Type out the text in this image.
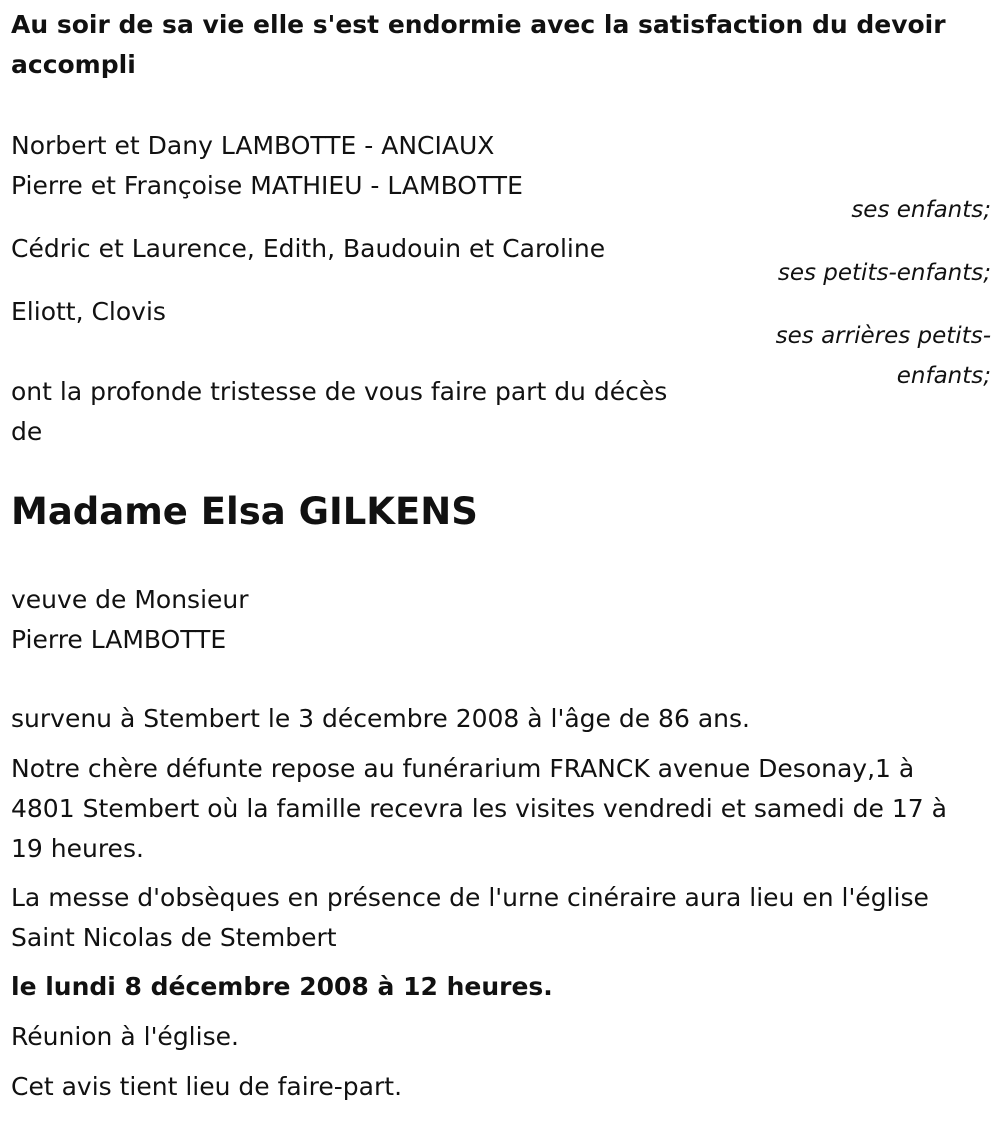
Au soir de sa vie elle s'est endormie avec la satisfaction du devoir accompli

Norbert et Dany LAMBOTTE - ANCIAUX

Pierre et Françoise MATHIEU - LAMBOTTE

ses enfants;

Cédric et Laurence, Edith, Baudouin et Caroline

ses petits-enfants;

Eliott, Clovis

ses arrières petits-

enfants;

ont la profonde tristesse de vous faire part du décès

de

Madame Elsa GILKENS

veuve de Monsieur

Pierre LAMBOTTE

survenu à Stembert le 3 décembre 2008 à l'âge de 86 ans.

Notre chère défunte repose au funérarium FRANCK avenue Desonay,1 à

4801 Stembert où la famille recevra les visites vendredi et samedi de 17 à

19 heures.

La messe d'obsèques en présence de l'urne cinéraire aura lieu en l'église

Saint Nicolas de Stembert

le lundi 8 décembre 2008 à 12 heures.

Réunion à l'église.

Cet avis tient lieu de faire-part.
